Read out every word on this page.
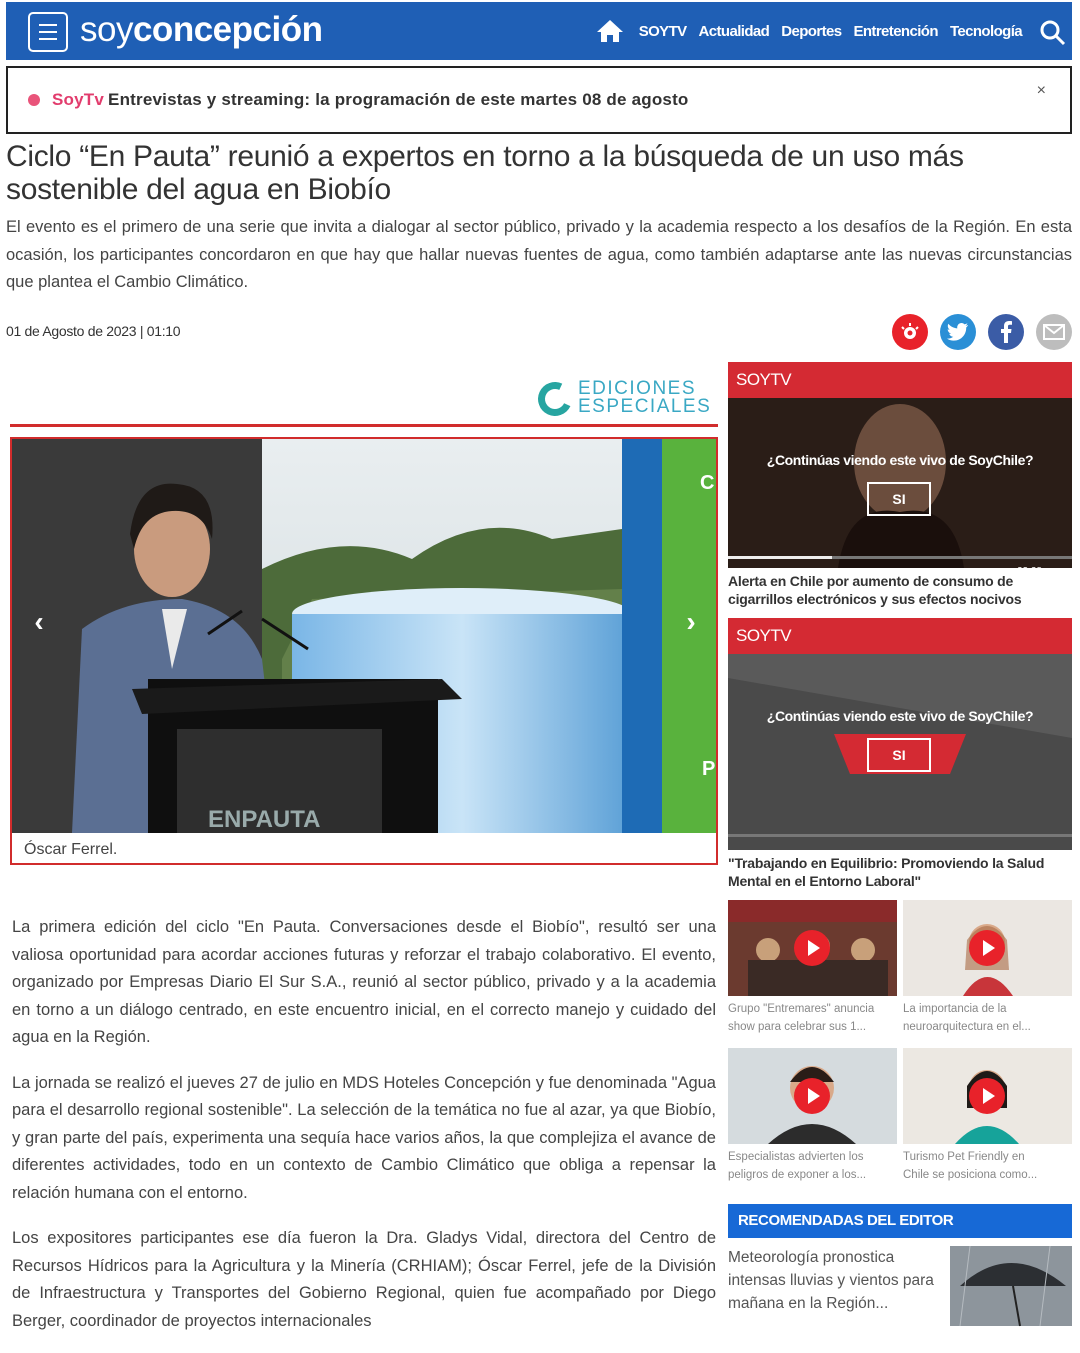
soyconcepción	SOYTV Actualidad Deportes Entretención Tecnología
SoyTv Entrevistas y streaming: la programación de este martes 08 de agosto	×
Ciclo “En Pauta” reunió a expertos en torno a la búsqueda de un uso más sostenible del agua en Biobío

El evento es el primero de una serie que invita a dialogar al sector público, privado y la academia respecto a los desafíos de la Región. En esta ocasión, los participantes concordaron en que hay que hallar nuevas fuentes de agua, como también adaptarse ante las nuevas circunstancias que plantea el Cambio Climático.

01 de Agosto de 2023 | 01:10
EDICIONES
ESPECIALES
C
P
ENPAUTA
‹	›
Óscar Ferrel.

La primera edición del ciclo "En Pauta. Conversaciones desde el Biobío", resultó ser una valiosa oportunidad para acordar acciones futuras y reforzar el trabajo colaborativo. El evento, organizado por Empresas Diario El Sur S.A., reunió al sector público, privado y a la academia en torno a un diálogo centrado, en este encuentro inicial, en el correcto manejo y cuidado del agua en la Región.

La jornada se realizó el jueves 27 de julio en MDS Hoteles Concepción y fue denominada "Agua para el desarrollo regional sostenible". La selección de la temática no fue al azar, ya que Biobío, y gran parte del país, experimenta una sequía hace varios años, la que complejiza el avance de diferentes actividades, todo en un contexto de Cambio Climático que obliga a repensar la relación humana con el entorno.

Los expositores participantes ese día fueron la Dra. Gladys Vidal, directora del Centro de Recursos Hídricos para la Agricultura y la Minería (CRHIAM); Óscar Ferrel, jefe de la División de Infraestructura y Transportes del Gobierno Regional, quien fue acompañado por Diego Berger, coordinador de proyectos internacionales

SOYTV
¿Continúas viendo este vivo de SoyChile?
SI
-23:28
Alerta en Chile por aumento de consumo de cigarrillos electrónicos y sus efectos nocivos
SOYTV
¿Continúas viendo este vivo de SoyChile?
SI
"Trabajando en Equilibrio: Promoviendo la Salud Mental en el Entorno Laboral"
Grupo "Entremares" anuncia
show para celebrar sus 1...
La importancia de la
neuroarquitectura en el...
Especialistas advierten los
peligros de exponer a los...
Turismo Pet Friendly en
Chile se posiciona como...
RECOMENDADAS DEL EDITOR
Meteorología pronostica intensas lluvias y vientos para mañana en la Región...
